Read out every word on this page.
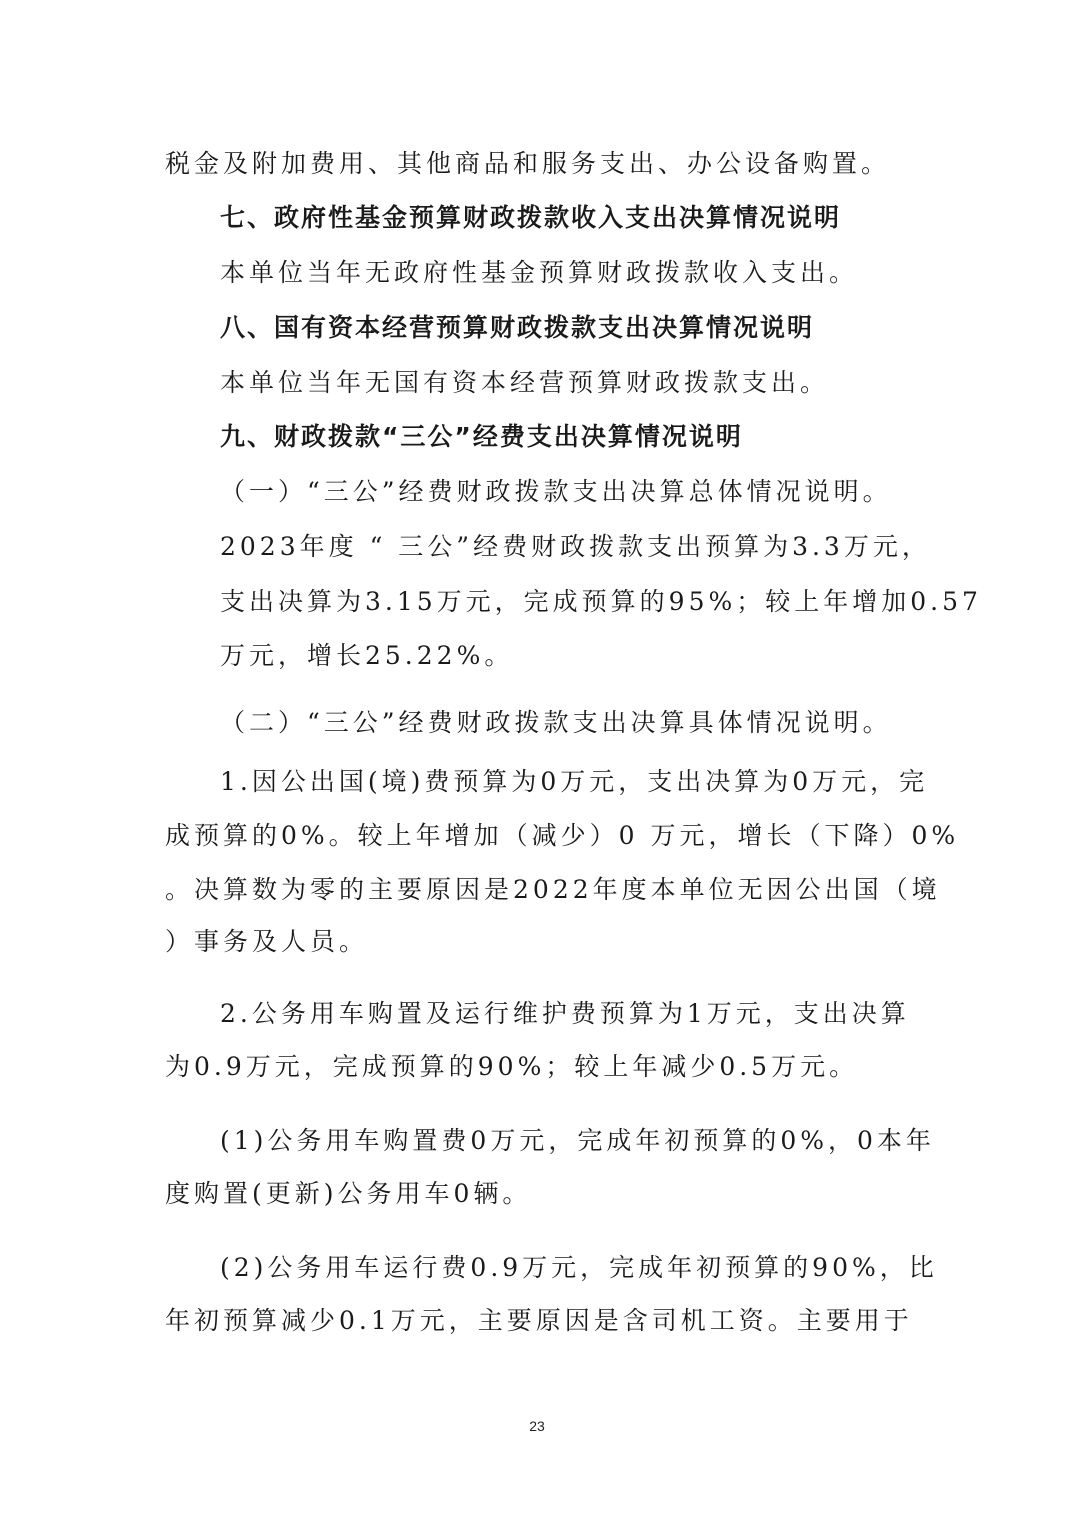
税金及附加费用、其他商品和服务支出、办公设备购置。
七、政府性基金预算财政拨款收入支出决算情况说明
本单位当年无政府性基金预算财政拨款收入支出。
八、国有资本经营预算财政拨款支出决算情况说明
本单位当年无国有资本经营预算财政拨款支出。
九、财政拨款“三公”经费支出决算情况说明
（一）“三公”经费财政拨款支出决算总体情况说明。
2023年度 “ 三公”经费财政拨款支出预算为3.3万元，
支出决算为3.15万元，完成预算的95%；较上年增加0.57
万元，增长25.22%。
（二）“三公”经费财政拨款支出决算具体情况说明。
1.因公出国(境)费预算为0万元，支出决算为0万元，完
成预算的0%。较上年增加（减少）0 万元，增长（下降）0%
。决算数为零的主要原因是2022年度本单位无因公出国（境
）事务及人员。
2.公务用车购置及运行维护费预算为1万元，支出决算
为0.9万元，完成预算的90%；较上年减少0.5万元。
(1)公务用车购置费0万元，完成年初预算的0%，0本年
度购置(更新)公务用车0辆。
(2)公务用车运行费0.9万元，完成年初预算的90%，比
年初预算减少0.1万元，主要原因是含司机工资。主要用于
23
